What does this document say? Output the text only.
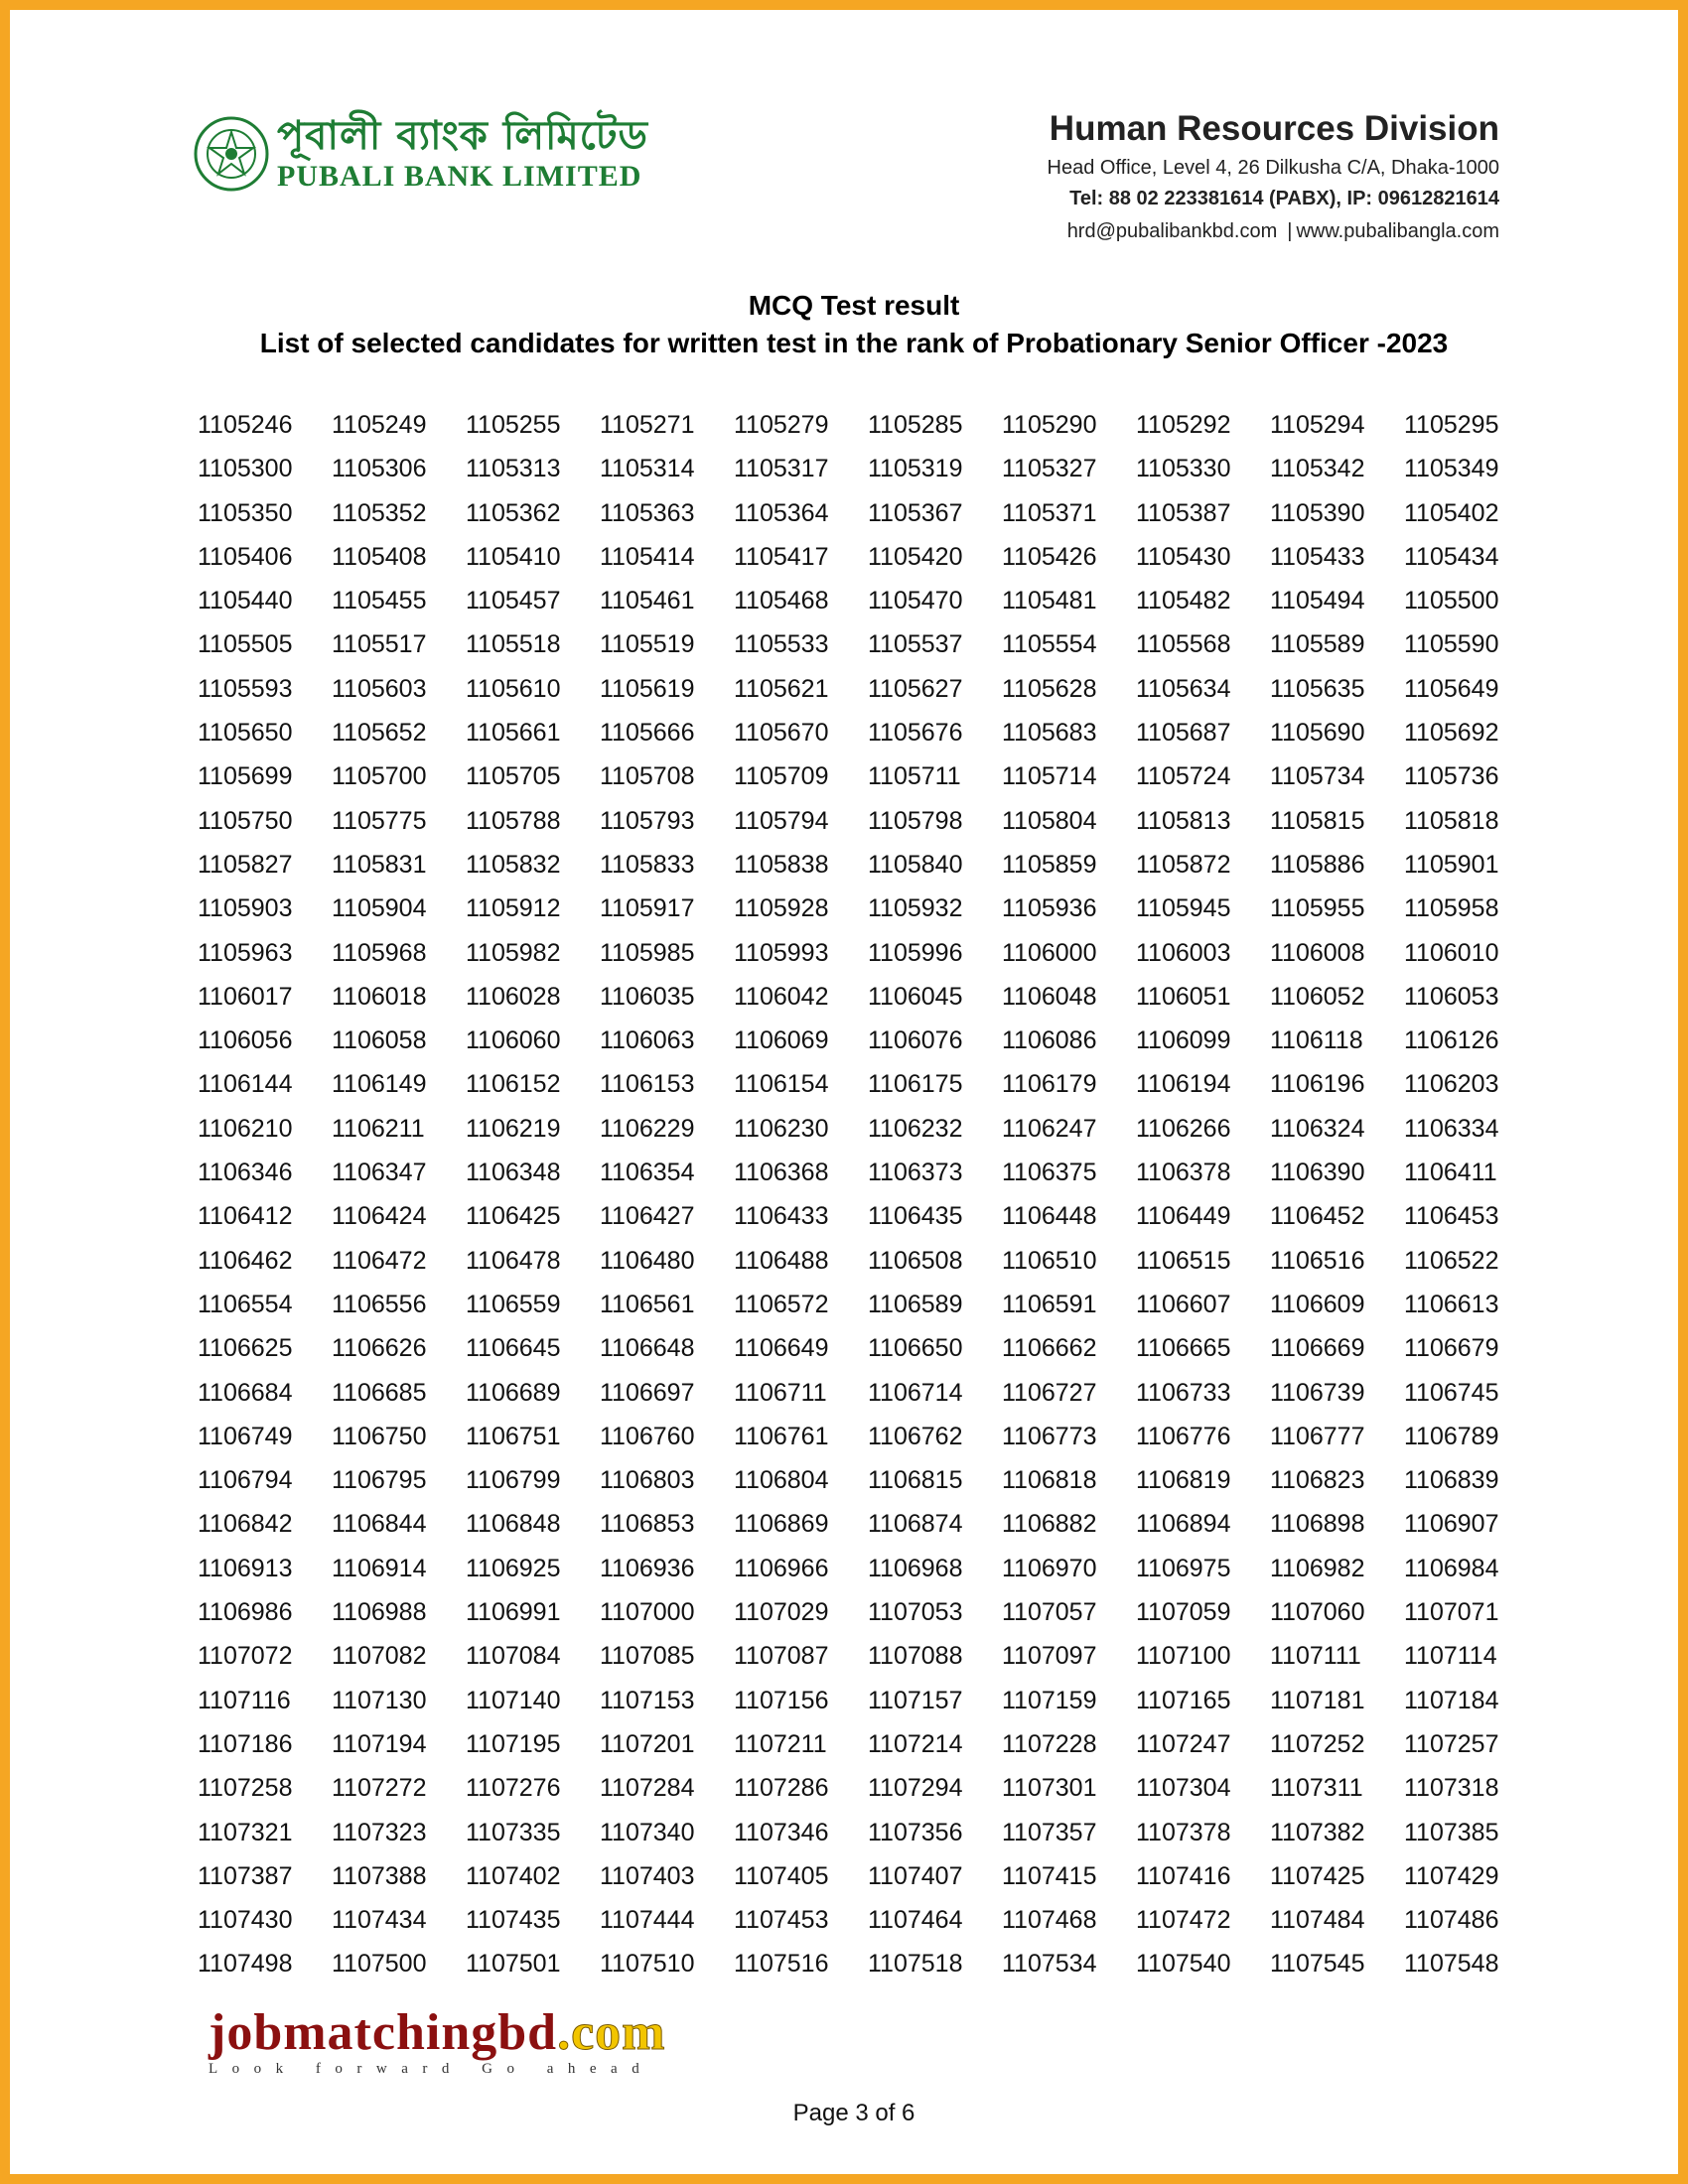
পূবালী ব্যাংক লিমিটেড
PUBALI BANK LIMITED
Human Resources Division
Head Office, Level 4, 26 Dilkusha C/A, Dhaka-1000
Tel: 88 02 223381614 (PABX), IP: 09612821614
hrd@pubalibankbd.com | www.pubalibangla.com
MCQ Test result
List of selected candidates for written test in the rank of Probationary Senior Officer -2023
1105246	1105249	1105255	1105271	1105279	1105285	1105290	1105292	1105294	1105295
1105300	1105306	1105313	1105314	1105317	1105319	1105327	1105330	1105342	1105349
1105350	1105352	1105362	1105363	1105364	1105367	1105371	1105387	1105390	1105402
1105406	1105408	1105410	1105414	1105417	1105420	1105426	1105430	1105433	1105434
1105440	1105455	1105457	1105461	1105468	1105470	1105481	1105482	1105494	1105500
1105505	1105517	1105518	1105519	1105533	1105537	1105554	1105568	1105589	1105590
1105593	1105603	1105610	1105619	1105621	1105627	1105628	1105634	1105635	1105649
1105650	1105652	1105661	1105666	1105670	1105676	1105683	1105687	1105690	1105692
1105699	1105700	1105705	1105708	1105709	1105711	1105714	1105724	1105734	1105736
1105750	1105775	1105788	1105793	1105794	1105798	1105804	1105813	1105815	1105818
1105827	1105831	1105832	1105833	1105838	1105840	1105859	1105872	1105886	1105901
1105903	1105904	1105912	1105917	1105928	1105932	1105936	1105945	1105955	1105958
1105963	1105968	1105982	1105985	1105993	1105996	1106000	1106003	1106008	1106010
1106017	1106018	1106028	1106035	1106042	1106045	1106048	1106051	1106052	1106053
1106056	1106058	1106060	1106063	1106069	1106076	1106086	1106099	1106118	1106126
1106144	1106149	1106152	1106153	1106154	1106175	1106179	1106194	1106196	1106203
1106210	1106211	1106219	1106229	1106230	1106232	1106247	1106266	1106324	1106334
1106346	1106347	1106348	1106354	1106368	1106373	1106375	1106378	1106390	1106411
1106412	1106424	1106425	1106427	1106433	1106435	1106448	1106449	1106452	1106453
1106462	1106472	1106478	1106480	1106488	1106508	1106510	1106515	1106516	1106522
1106554	1106556	1106559	1106561	1106572	1106589	1106591	1106607	1106609	1106613
1106625	1106626	1106645	1106648	1106649	1106650	1106662	1106665	1106669	1106679
1106684	1106685	1106689	1106697	1106711	1106714	1106727	1106733	1106739	1106745
1106749	1106750	1106751	1106760	1106761	1106762	1106773	1106776	1106777	1106789
1106794	1106795	1106799	1106803	1106804	1106815	1106818	1106819	1106823	1106839
1106842	1106844	1106848	1106853	1106869	1106874	1106882	1106894	1106898	1106907
1106913	1106914	1106925	1106936	1106966	1106968	1106970	1106975	1106982	1106984
1106986	1106988	1106991	1107000	1107029	1107053	1107057	1107059	1107060	1107071
1107072	1107082	1107084	1107085	1107087	1107088	1107097	1107100	1107111	1107114
1107116	1107130	1107140	1107153	1107156	1107157	1107159	1107165	1107181	1107184
1107186	1107194	1107195	1107201	1107211	1107214	1107228	1107247	1107252	1107257
1107258	1107272	1107276	1107284	1107286	1107294	1107301	1107304	1107311	1107318
1107321	1107323	1107335	1107340	1107346	1107356	1107357	1107378	1107382	1107385
1107387	1107388	1107402	1107403	1107405	1107407	1107415	1107416	1107425	1107429
1107430	1107434	1107435	1107444	1107453	1107464	1107468	1107472	1107484	1107486
1107498	1107500	1107501	1107510	1107516	1107518	1107534	1107540	1107545	1107548
jobmatchingbd.com
Look forward Go ahead
Page 3 of 6
